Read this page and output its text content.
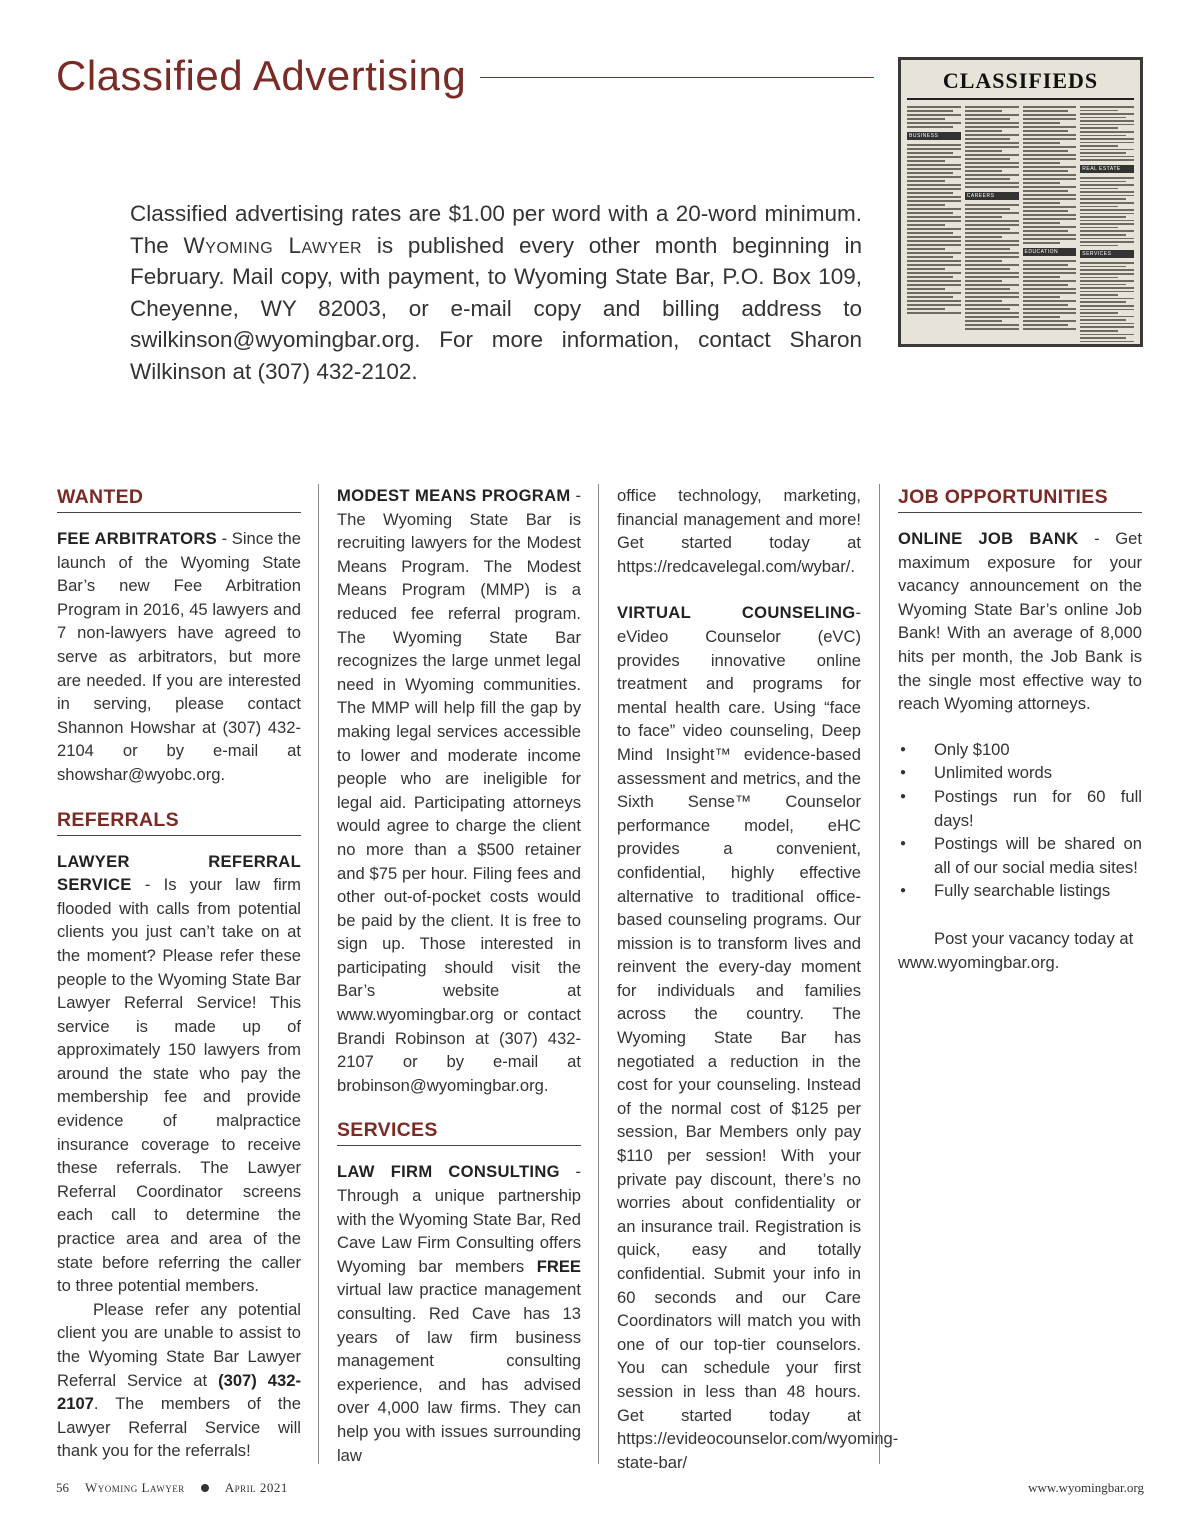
Classified Advertising	CLASSIFIEDS
BUSINESS
CAREERS
EDUCATION
REAL ESTATE
SERVICES

Classified advertising rates are $1.00 per word with a 20-word minimum. The Wyoming Lawyer is published every other month beginning in February. Mail copy, with payment, to Wyoming State Bar, P.O. Box 109, Cheyenne, WY 82003, or e-mail copy and billing address to swilkinson@wyomingbar.org. For more information, contact Sharon Wilkinson at (307) 432-2102.

WANTED

FEE ARBITRATORS - Since the launch of the Wyoming State Bar’s new Fee Arbitration Program in 2016, 45 lawyers and 7 non-lawyers have agreed to serve as arbitrators, but more are needed. If you are interested in serving, please contact Shannon Howshar at (307) 432-2104 or by e-mail at showshar@wyobc.org.

REFERRALS

LAWYER REFERRAL SERVICE - Is your law firm flooded with calls from potential clients you just can’t take on at the moment? Please refer these people to the Wyoming State Bar Lawyer Referral Service! This service is made up of approximately 150 lawyers from around the state who pay the membership fee and provide evidence of malpractice insurance coverage to receive these referrals. The Lawyer Referral Coordinator screens each call to determine the practice area and area of the state before referring the caller to three potential members.

Please refer any potential client you are unable to assist to the Wyoming State Bar Lawyer Referral Service at (307) 432-2107. The members of the Lawyer Referral Service will thank you for the referrals!

MODEST MEANS PROGRAM - The Wyoming State Bar is recruiting lawyers for the Modest Means Program. The Modest Means Program (MMP) is a reduced fee referral program. The Wyoming State Bar recognizes the large unmet legal need in Wyoming communities. The MMP will help fill the gap by making legal services accessible to lower and moderate income people who are ineligible for legal aid. Participating attorneys would agree to charge the client no more than a $500 retainer and $75 per hour. Filing fees and other out-of-pocket costs would be paid by the client. It is free to sign up. Those interested in participating should visit the Bar’s website at www.wyomingbar.org or contact Brandi Robinson at (307) 432-2107 or by e-mail at brobinson@wyomingbar.org.

SERVICES

LAW FIRM CONSULTING - Through a unique partnership with the Wyoming State Bar, Red Cave Law Firm Consulting offers Wyoming bar members FREE virtual law practice management consulting. Red Cave has 13 years of law firm business management consulting experience, and has advised over 4,000 law firms. They can help you with issues surrounding law

office technology, marketing, financial management and more! Get started today at https://redcavelegal.com/wybar/.

VIRTUAL COUNSELING- eVideo Counselor (eVC) provides innovative online treatment and programs for mental health care. Using “face to face” video counseling, Deep Mind Insight™ evidence-based assessment and metrics, and the Sixth Sense™ Counselor performance model, eHC provides a convenient, confidential, highly effective alternative to traditional office-based counseling programs. Our mission is to transform lives and reinvent the every-day moment for individuals and families across the country. The Wyoming State Bar has negotiated a reduction in the cost for your counseling. Instead of the normal cost of $125 per session, Bar Members only pay $110 per session! With your private pay discount, there’s no worries about confidentiality or an insurance trail. Registration is quick, easy and totally confidential. Submit your info in 60 seconds and our Care Coordinators will match you with one of our top-tier counselors. You can schedule your first session in less than 48 hours. Get started today at https://evideocounselor.com/wyoming-state-bar/

JOB OPPORTUNITIES

ONLINE JOB BANK - Get maximum exposure for your vacancy announcement on the Wyoming State Bar’s online Job Bank! With an average of 8,000 hits per month, the Job Bank is the single most effective way to reach Wyoming attorneys.

● Only $100
● Unlimited words
● Postings run for 60 full days!
● Postings will be shared on all of our social media sites!
● Fully searchable listings

Post your vacancy today at www.wyomingbar.org.

56 Wyoming Lawyer	April 2021	www.wyomingbar.org
